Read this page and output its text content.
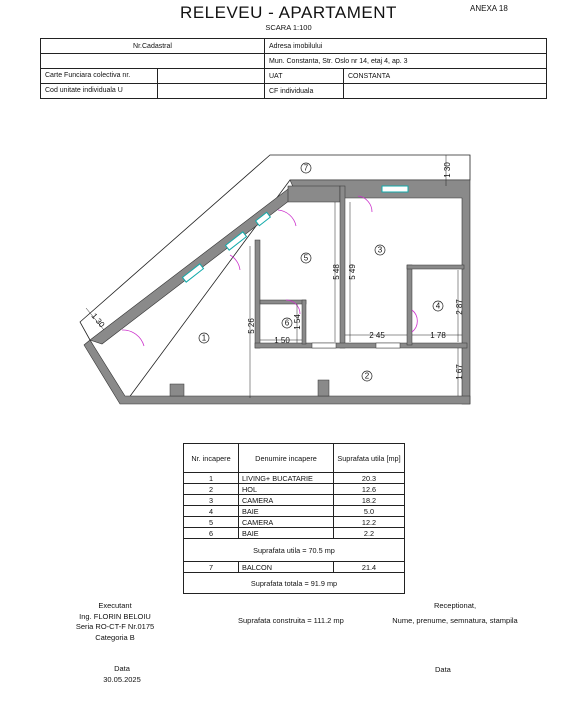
RELEVEU - APARTAMENT
SCARA 1:100
ANEXA 18
Nr.Cadastral	Adresa imobilului	
	Mun. Constanta, Str. Oslo nr 14, etaj 4, ap. 3	

Carte Funciara colectiva nr.	UAT	CONSTANTA

Cod unitate individuala U	CF individuala	
1
2
3
4
5
6
7	1 30
1 30	5 26
5 48 5 49
2 87
2 45	1 78
1 54
1 50
1 67
Nr. incapere	Denumire incapere	Suprafata utila [mp]
1	LIVING+ BUCATARIE	20.3
2	HOL	12.6
3	CAMERA	18.2
4	BAIE	5.0
5	CAMERA	12.2
6	BAIE	2.2
Suprafata utila = 70.5 mp		
7	BALCON	21.4
Suprafata totala = 91.9 mp		
Suprafata construita = 111.2 mp
Executant
Ing. FLORIN BELOIU
Seria RO-CT-F Nr.0175
Categoria B
Data
30.05.2025
Receptionat,
Nume, prenume, semnatura, stampila
Data
